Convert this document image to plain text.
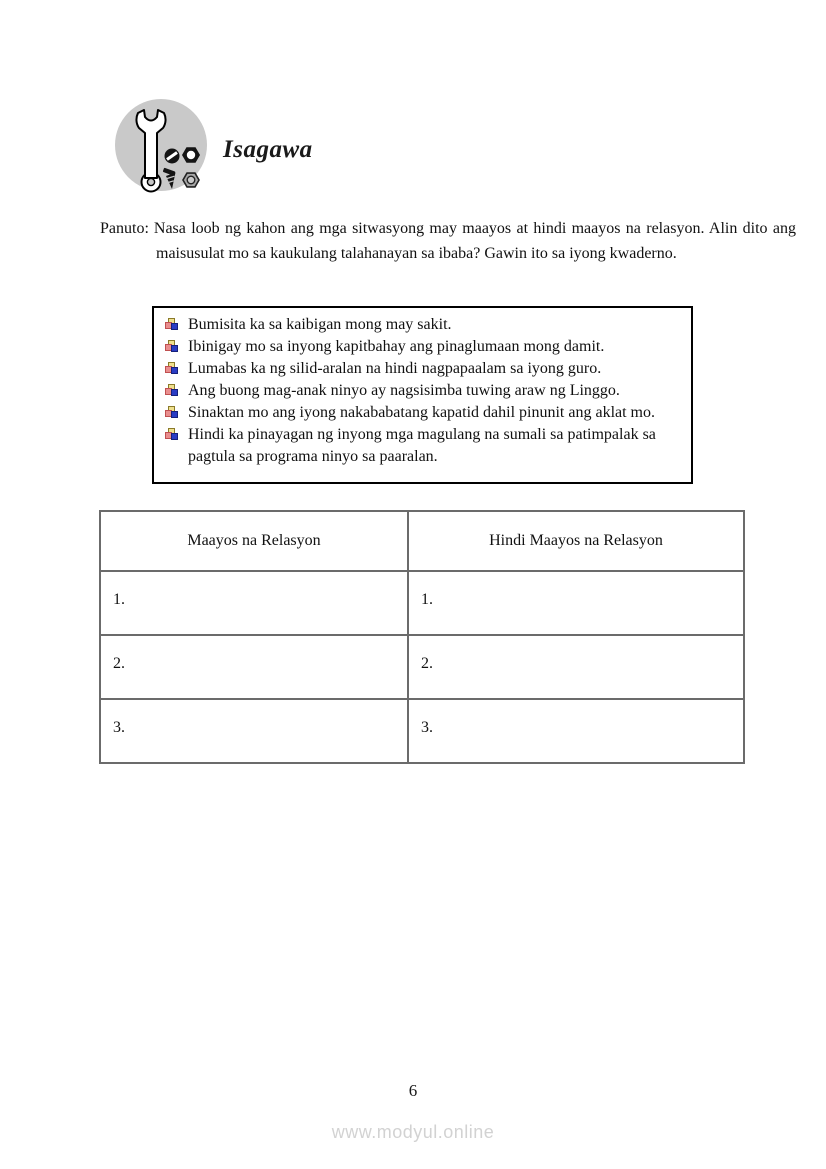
Isagawa

Panuto: Nasa loob ng kahon ang mga sitwasyong may maayos at hindi maayos na relasyon. Alin dito ang maisusulat mo sa kaukulang talahanayan sa ibaba? Gawin ito sa iyong kwaderno.

Bumisita ka sa kaibigan mong may sakit.
Ibinigay mo sa inyong kapitbahay ang pinaglumaan mong damit.
Lumabas ka ng silid-aralan na hindi nagpapaalam sa iyong guro.
Ang buong mag-anak ninyo ay nagsisimba tuwing araw ng Linggo.
Sinaktan mo ang iyong nakababatang kapatid dahil pinunit ang aklat mo.
Hindi ka pinayagan ng inyong mga magulang na sumali sa patimpalak sa pagtula sa programa ninyo sa paaralan.
Maayos na Relasyon	Hindi Maayos na Relasyon
1.	1.
2.	2.
3.	3.
6
www.modyul.online
